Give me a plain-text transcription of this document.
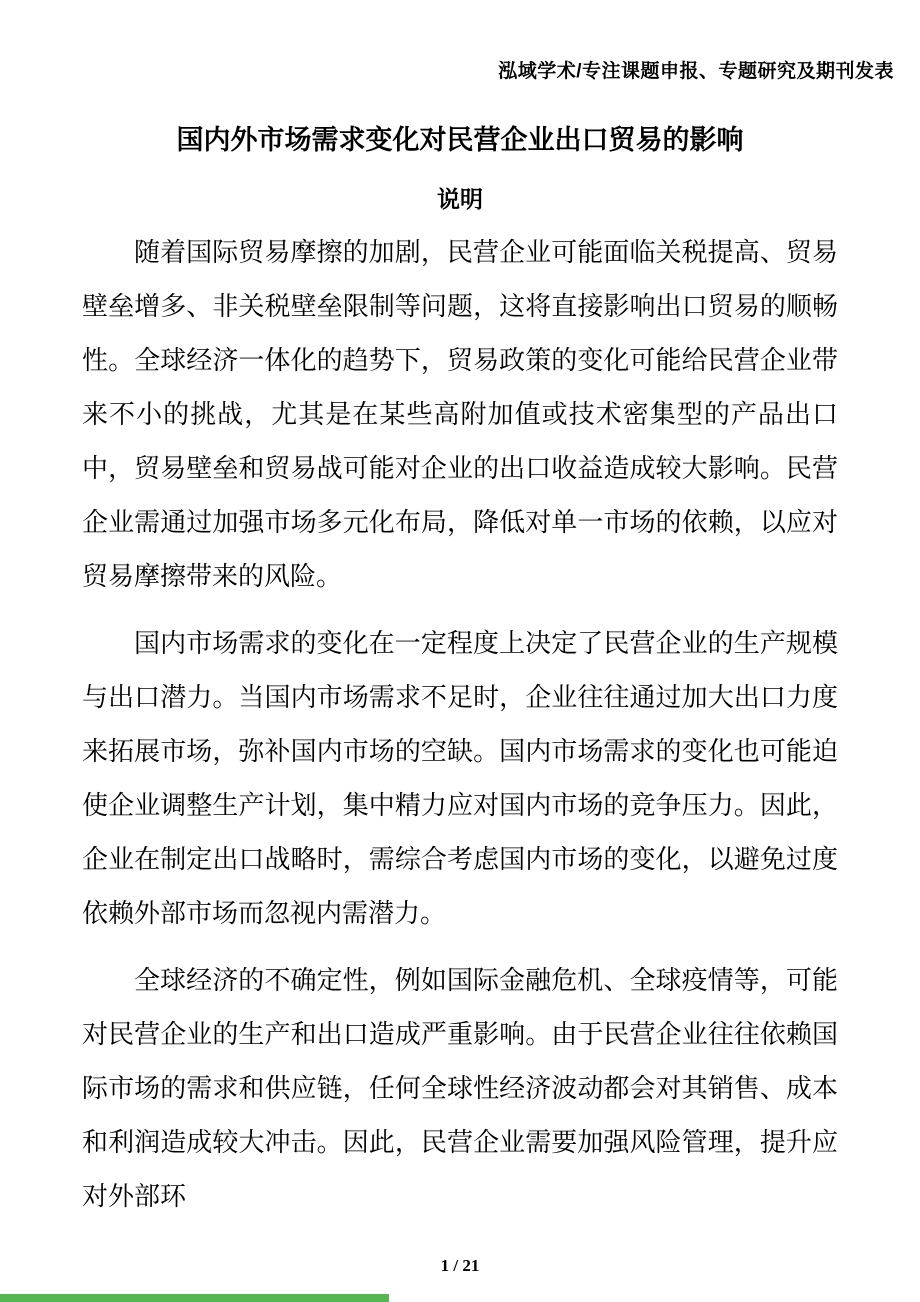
泓域学术/专注课题申报、专题研究及期刊发表
国内外市场需求变化对民营企业出口贸易的影响
说明

随着国际贸易摩擦的加剧，民营企业可能面临关税提高、贸易壁垒增多、非关税壁垒限制等问题，这将直接影响出口贸易的顺畅性。全球经济一体化的趋势下，贸易政策的变化可能给民营企业带来不小的挑战，尤其是在某些高附加值或技术密集型的产品出口中，贸易壁垒和贸易战可能对企业的出口收益造成较大影响。民营企业需通过加强市场多元化布局，降低对单一市场的依赖，以应对贸易摩擦带来的风险。

国内市场需求的变化在一定程度上决定了民营企业的生产规模与出口潜力。当国内市场需求不足时，企业往往通过加大出口力度来拓展市场，弥补国内市场的空缺。国内市场需求的变化也可能迫使企业调整生产计划，集中精力应对国内市场的竞争压力。因此，企业在制定出口战略时，需综合考虑国内市场的变化，以避免过度依赖外部市场而忽视内需潜力。

全球经济的不确定性，例如国际金融危机、全球疫情等，可能对民营企业的生产和出口造成严重影响。由于民营企业往往依赖国际市场的需求和供应链，任何全球性经济波动都会对其销售、成本和利润造成较大冲击。因此，民营企业需要加强风险管理，提升应对外部环

1 / 21
